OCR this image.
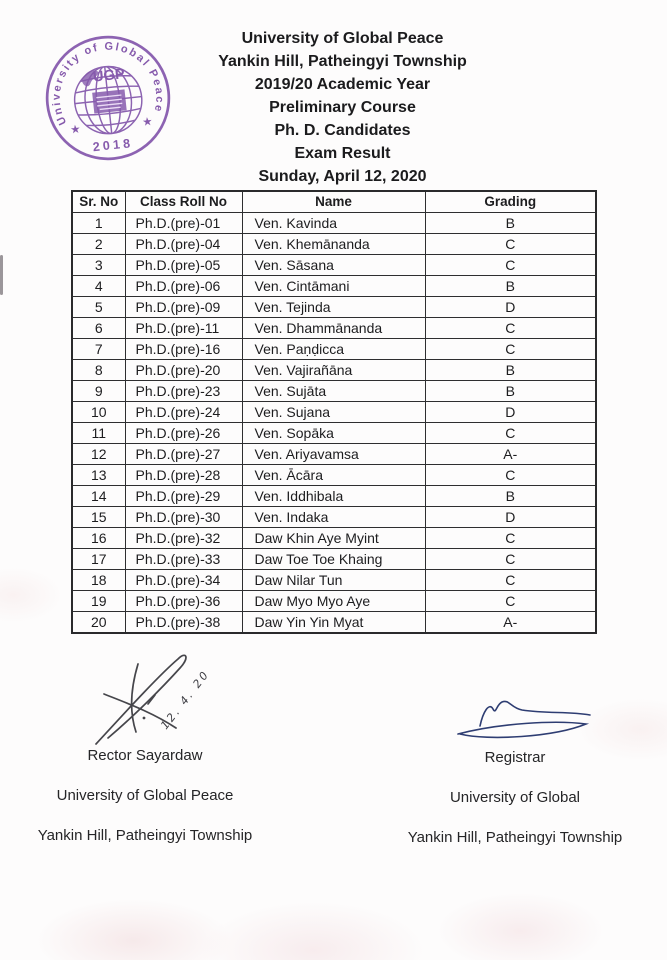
University of Global Peace
UGP
★
★
2018
University of Global Peace
Yankin Hill, Patheingyi Township
2019/20 Academic Year
Preliminary Course
Ph. D. Candidates
Exam Result
Sunday, April 12, 2020
Sr. No	Class Roll No	Name	Grading
1	Ph.D.(pre)-01	Ven. Kavinda	B
2	Ph.D.(pre)-04	Ven. Khemānanda	C
3	Ph.D.(pre)-05	Ven. Sāsana	C
4	Ph.D.(pre)-06	Ven. Cintāmani	B
5	Ph.D.(pre)-09	Ven. Tejinda	D
6	Ph.D.(pre)-11	Ven. Dhammānanda	C
7	Ph.D.(pre)-16	Ven. Paṇḍicca	C
8	Ph.D.(pre)-20	Ven. Vajirañāna	B
9	Ph.D.(pre)-23	Ven. Sujāta	B
10	Ph.D.(pre)-24	Ven. Sujana	D
11	Ph.D.(pre)-26	Ven. Sopāka	C
12	Ph.D.(pre)-27	Ven. Ariyavamsa	A-
13	Ph.D.(pre)-28	Ven. Ācāra	C
14	Ph.D.(pre)-29	Ven. Iddhibala	B
15	Ph.D.(pre)-30	Ven. Indaka	D
16	Ph.D.(pre)-32	Daw Khin Aye Myint	C
17	Ph.D.(pre)-33	Daw Toe Toe Khaing	C
18	Ph.D.(pre)-34	Daw Nilar Tun	C
19	Ph.D.(pre)-36	Daw Myo Myo Aye	C
20	Ph.D.(pre)-38	Daw Yin Yin Myat	A-
12. 4. 20
Rector Sayardaw
University of Global Peace
Yankin Hill, Patheingyi Township
Registrar
University of Global
Yankin Hill, Patheingyi Township
